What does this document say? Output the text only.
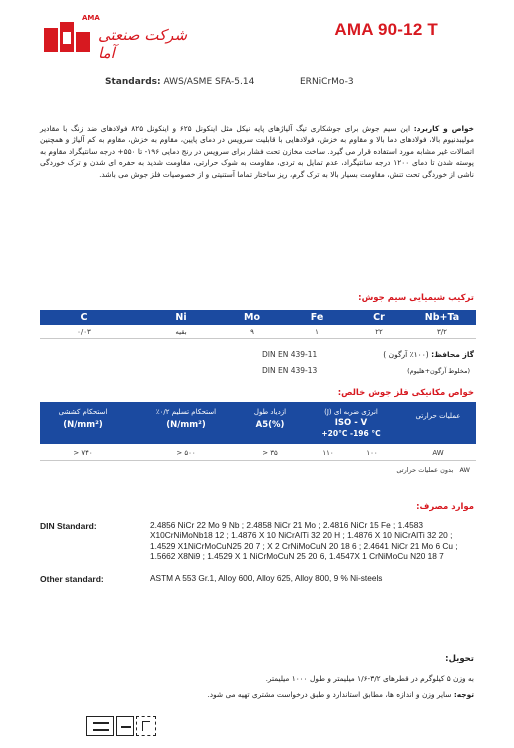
AMA
شرکت صنعتی آما
AMA 90-12 T
Standards: AWS/ASME SFA-5.14	ERNiCrMo-3
خواص و کاربرد: این سیم جوش برای جوشکاری تیگ آلیاژهای پایه نیکل مثل اینکونل ۶۲۵ و اینکونل ۸۲۵ فولادهای ضد زنگ با مقادیر مولیبدنیوم بالا، فولادهای دما بالا و مقاوم به خزش، فولادهایی با قابلیت سرویس در دمای پایین، مقاوم به خزش، مقاوم به کم آلیاژ و همچنین اتصالات غیر مشابه مورد استفاده قرار می گیرد. ساخت مخازن تحت فشار برای سرویس در رنج دمایی ۱۹۶- تا ۵۵۰+ درجه سانتیگراد مقاوم به پوسته شدن تا دمای ۱۲۰۰ درجه سانتیگراد، عدم تمایل به تردی، مقاومت به شوک حرارتی، مقاومت شدید به حفره ای شدن و ترک خوردگی ناشی از خوردگی تحت تنش، مقاومت بسیار بالا به ترک گرم، ریز ساختار تماما آستنیتی و از خصوصیات فلز جوش می باشد.
ترکیب شیمیایی سیم جوش:
C	Ni	Mo	Fe	Cr	Nb+Ta
۰/۰۳	بقیه	۹	۱	۲۲	۳/۲
DIN EN 439-11	گاز محافظ: (۱۰۰٪ آرگون )
DIN EN 439-13	(مخلوط آرگون+هلیوم)
خواص مکانیکی فلز جوش خالص:
استحکام کششی
(N/mm²)
استحکام تسلیم ۰/۲٪
(N/mm²)
ازدیاد طول
A5(%)
انرژی ضربه ای (J)
ISO - V
+20°C -196 °C
عملیات حرارتی
> ۷۴۰	> ۵۰۰	> ۳۵	۱۱۰	۱۰۰	AW
AW   بدون عملیات حرارتی
موارد مصرف:
DIN Standard:	2.4856 NiCr 22 Mo 9 Nb ; 2.4858 NiCr 21 Mo ; 2.4816 NiCr 15 Fe ; 1.4583 X10CrNiMoNb18 12 ; 1.4876 X 10 NiCrAlTi 32 20 H ; 1.4876 X 10 NiCrAlTi 32 20 ; 1.4529 X1NiCrMoCuN25 20 7 ; X 2 CrNiMoCuN 20 18 6 ; 2.4641 NiCr 21 Mo 6 Cu ; 1.5662 X8Ni9 ; 1.4529 X 1 NiCrMoCuN 25 20 6, 1.4547X 1 CrNiMoCu N20 18 7
Other standard:	ASTM A 553 Gr.1, Alloy 600, Alloy 625, Alloy 800, 9 % Ni-steels
تحویل:
به وزن ۵ کیلوگرم در قطرهای ۳/۲-۱/۶ میلیمتر و طول ۱۰۰۰ میلیمتر.
توجه: سایر وزن و اندازه ها، مطابق استاندارد و طبق درخواست مشتری تهیه می شود.
